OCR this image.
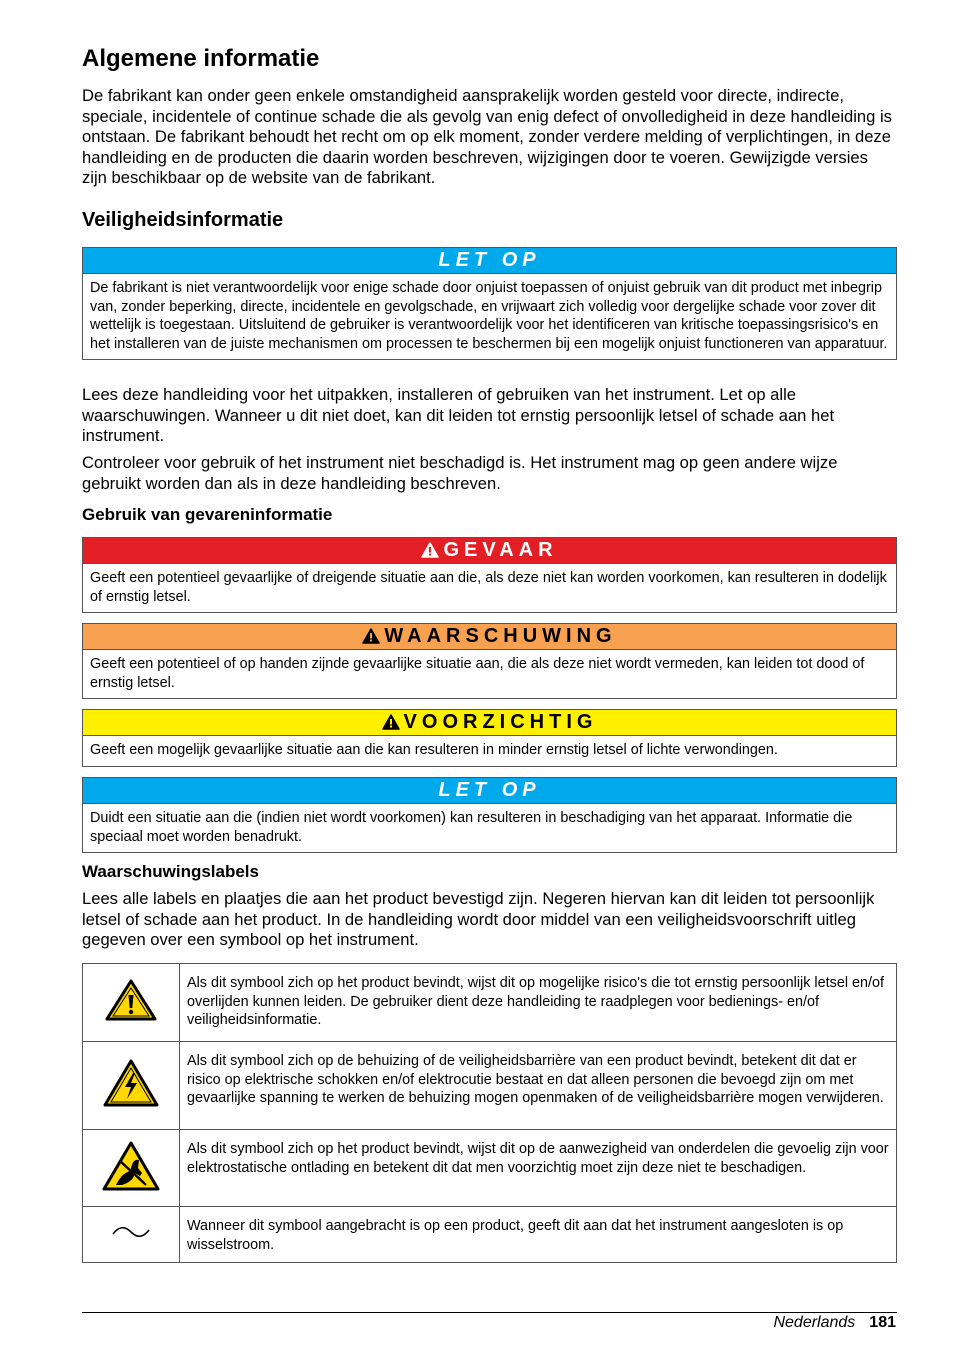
Algemene informatie

De fabrikant kan onder geen enkele omstandigheid aansprakelijk worden gesteld voor directe, indirecte, speciale, incidentele of continue schade die als gevolg van enig defect of onvolledigheid in deze handleiding is ontstaan. De fabrikant behoudt het recht om op elk moment, zonder verdere melding of verplichtingen, in deze handleiding en de producten die daarin worden beschreven, wijzigingen door te voeren. Gewijzigde versies zijn beschikbaar op de website van de fabrikant.

Veiligheidsinformatie
LET OP
De fabrikant is niet verantwoordelijk voor enige schade door onjuist toepassen of onjuist gebruik van dit product met inbegrip van, zonder beperking, directe, incidentele en gevolgschade, en vrijwaart zich volledig voor dergelijke schade voor zover dit wettelijk is toegestaan. Uitsluitend de gebruiker is verantwoordelijk voor het identificeren van kritische toepassingsrisico's en het installeren van de juiste mechanismen om processen te beschermen bij een mogelijk onjuist functioneren van apparatuur.

Lees deze handleiding voor het uitpakken, installeren of gebruiken van het instrument. Let op alle waarschuwingen. Wanneer u dit niet doet, kan dit leiden tot ernstig persoonlijk letsel of schade aan het instrument.

Controleer voor gebruik of het instrument niet beschadigd is. Het instrument mag op geen andere wijze gebruikt worden dan als in deze handleiding beschreven.

Gebruik van gevareninformatie
GEVAAR
Geeft een potentieel gevaarlijke of dreigende situatie aan die, als deze niet kan worden voorkomen, kan resulteren in dodelijk of ernstig letsel.
WAARSCHUWING
Geeft een potentieel of op handen zijnde gevaarlijke situatie aan, die als deze niet wordt vermeden, kan leiden tot dood of ernstig letsel.
VOORZICHTIG
Geeft een mogelijk gevaarlijke situatie aan die kan resulteren in minder ernstig letsel of lichte verwondingen.
LET OP
Duidt een situatie aan die (indien niet wordt voorkomen) kan resulteren in beschadiging van het apparaat. Informatie die speciaal moet worden benadrukt.
Waarschuwingslabels

Lees alle labels en plaatjes die aan het product bevestigd zijn. Negeren hiervan kan dit leiden tot persoonlijk letsel of schade aan het product. In de handleiding wordt door middel van een veiligheidsvoorschrift uitleg gegeven over een symbool op het instrument.

	Als dit symbool zich op het product bevindt, wijst dit op mogelijke risico's die tot ernstig persoonlijk letsel en/of overlijden kunnen leiden. De gebruiker dient deze handleiding te raadplegen voor bedienings- en/of veiligheidsinformatie.
	Als dit symbool zich op de behuizing of de veiligheidsbarrière van een product bevindt, betekent dit dat er risico op elektrische schokken en/of elektrocutie bestaat en dat alleen personen die bevoegd zijn om met gevaarlijke spanning te werken de behuizing mogen openmaken of de veiligheidsbarrière mogen verwijderen.
	Als dit symbool zich op het product bevindt, wijst dit op de aanwezigheid van onderdelen die gevoelig zijn voor elektrostatische ontlading en betekent dit dat men voorzichtig moet zijn deze niet te beschadigen.
	Wanneer dit symbool aangebracht is op een product, geeft dit aan dat het instrument aangesloten is op wisselstroom.
Nederlands 181
